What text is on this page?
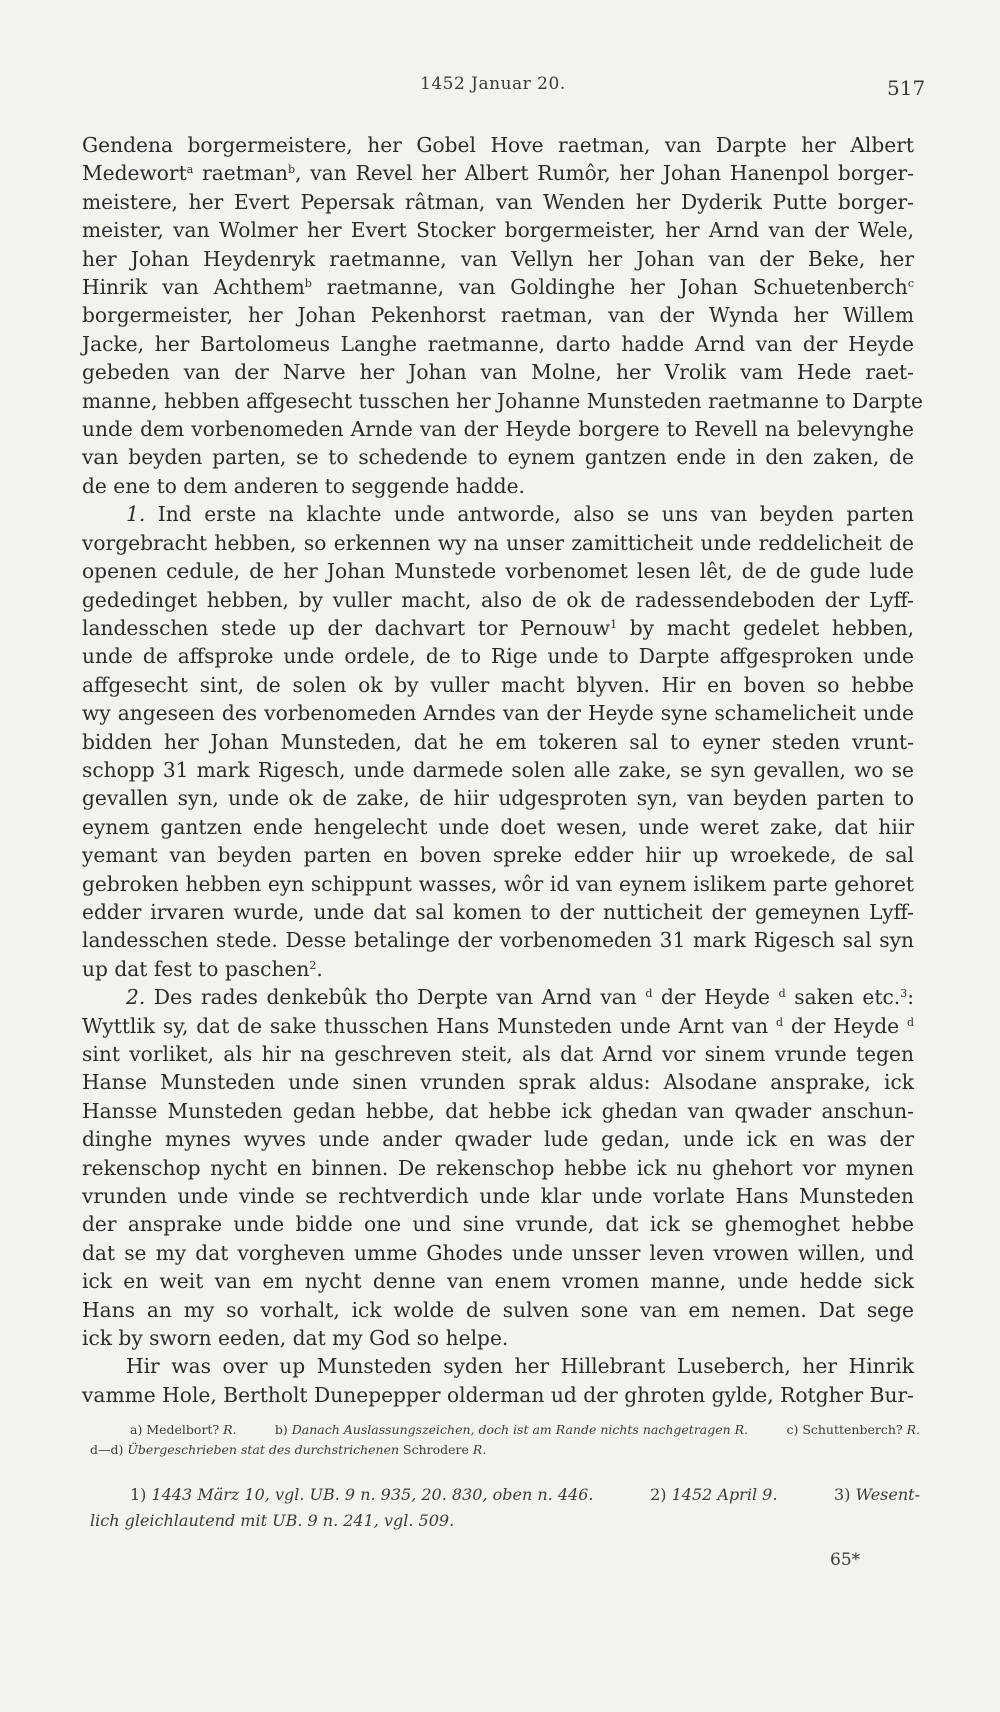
1452 Januar 20.	517

Gendena borgermeistere, her Gobel Hove raetman, van Darpte her Albert
Medewort$^a$ raetman$^b$, van Revel her Albert Rumôr, her Johan Hanenpol borger-
meistere, her Evert Pepersak râtman, van Wenden her Dyderik Putte borger-
meister, van Wolmer her Evert Stocker borgermeister, her Arnd van der Wele,
her Johan Heydenryk raetmanne, van Vellyn her Johan van der Beke, her
Hinrik van Achthem$^b$ raetmanne, van Goldinghe her Johan Schuetenberch$^c$
borgermeister, her Johan Pekenhorst raetman, van der Wynda her Willem
Jacke, her Bartolomeus Langhe raetmanne, darto hadde Arnd van der Heyde
gebeden van der Narve her Johan van Molne, her Vrolik vam Hede raet-
manne, hebben affgesecht tusschen her Johanne Munsteden raetmanne to Darpte
unde dem vorbenomeden Arnde van der Heyde borgere to Revell na belevynghe
van beyden parten, se to schedende to eynem gantzen ende in den zaken, de
de ene to dem anderen to seggende hadde.

1. Ind erste na klachte unde antworde, also se uns van beyden parten
vorgebracht hebben, so erkennen wy na unser zamitticheit unde reddelicheit de
openen cedule, de her Johan Munstede vorbenomet lesen lêt, de de gude lude
gededinget hebben, by vuller macht, also de ok de radessendeboden der Lyff-
landesschen stede up der dachvart tor Pernouw$^1$ by macht gedelet hebben,
unde de affsproke unde ordele, de to Rige unde to Darpte affgesproken unde
affgesecht sint, de solen ok by vuller macht blyven. Hir en boven so hebbe
wy angeseen des vorbenomeden Arndes van der Heyde syne schamelicheit unde
bidden her Johan Munsteden, dat he em tokeren sal to eyner steden vrunt-
schopp 31 mark Rigesch, unde darmede solen alle zake, se syn gevallen, wo se
gevallen syn, unde ok de zake, de hiir udgesproten syn, van beyden parten to
eynem gantzen ende hengelecht unde doet wesen, unde weret zake, dat hiir
yemant van beyden parten en boven spreke edder hiir up wroekede, de sal
gebroken hebben eyn schippunt wasses, wôr id van eynem islikem parte gehoret
edder irvaren wurde, unde dat sal komen to der nutticheit der gemeynen Lyff-
landesschen stede. Desse betalinge der vorbenomeden 31 mark Rigesch sal syn
up dat fest to paschen$^2$.

2. Des rades denkebûk tho Derpte van Arnd van $^d$ der Heyde $^d$ saken etc.$^3$:
Wyttlik sy, dat de sake thusschen Hans Munsteden unde Arnt van $^d$ der Heyde $^d$
sint vorliket, als hir na geschreven steit, als dat Arnd vor sinem vrunde tegen
Hanse Munsteden unde sinen vrunden sprak aldus: Alsodane ansprake, ick
Hansse Munsteden gedan hebbe, dat hebbe ick ghedan van qwader anschun-
dinghe mynes wyves unde ander qwader lude gedan, unde ick en was der
rekenschop nycht en binnen. De rekenschop hebbe ick nu ghehort vor mynen
vrunden unde vinde se rechtverdich unde klar unde vorlate Hans Munsteden
der ansprake unde bidde one und sine vrunde, dat ick se ghemoghet hebbe
dat se my dat vorgheven umme Ghodes unde unsser leven vrowen willen, und
ick en weit van em nycht denne van enem vromen manne, unde hedde sick
Hans an my so vorhalt, ick wolde de sulven sone van em nemen. Dat sege
ick by sworn eeden, dat my God so helpe.

Hir was over up Munsteden syden her Hillebrant Luseberch, her Hinrik
vamme Hole, Bertholt Dunepepper olderman ud der ghroten gylde, Rotgher Bur-

a) Medelbort? R.	b) Danach Auslassungszeichen, doch ist am Rande nichts nachgetragen R.	c) Schuttenberch? R.
d—d) Übergeschrieben stat des durchstrichenen Schrodere R.
1) 1443 März 10, vgl. UB. 9 n. 935, 20. 830, oben n. 446.	2) 1452 April 9.	3) Wesent-
lich gleichlautend mit UB. 9 n. 241, vgl. 509.
65*
